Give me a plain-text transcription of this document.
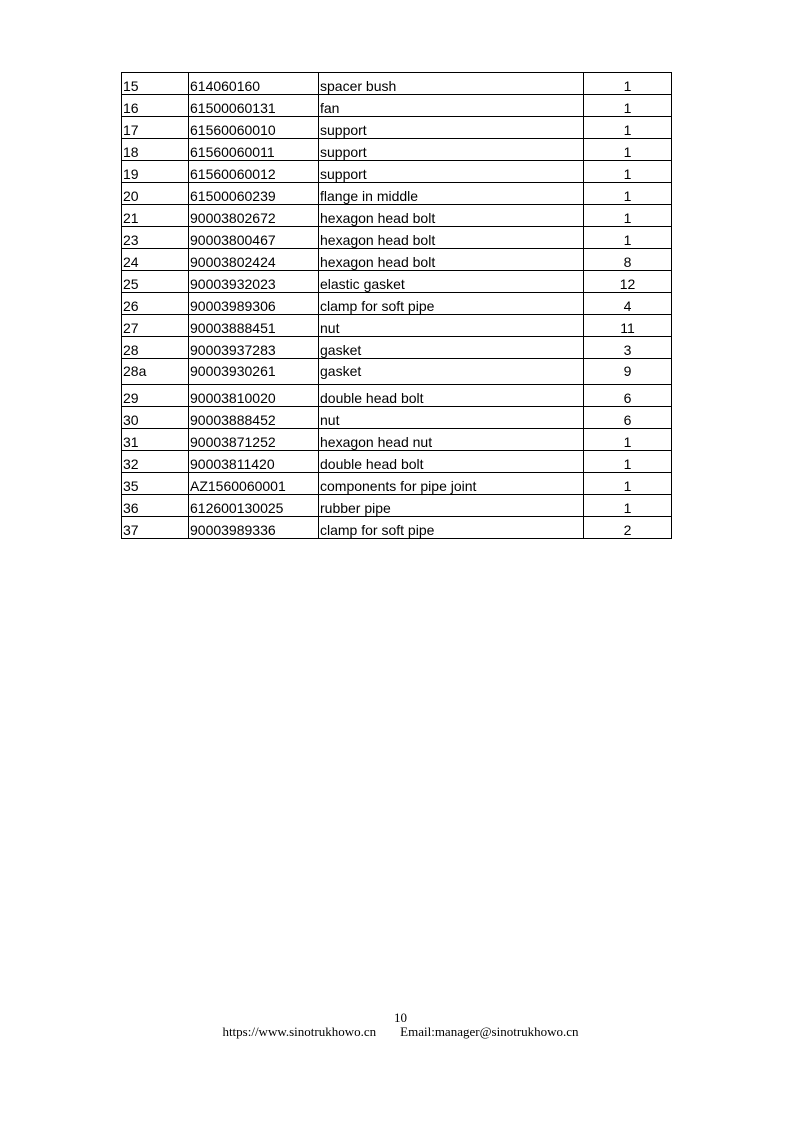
15	614060160	spacer bush	1
16	61500060131	fan	1
17	61560060010	support	1
18	61560060011	support	1
19	61560060012	support	1
20	61500060239	flange in middle	1
21	90003802672	hexagon head bolt	1
23	90003800467	hexagon head bolt	1
24	90003802424	hexagon head bolt	8
25	90003932023	elastic gasket	12
26	90003989306	clamp for soft pipe	4
27	90003888451	nut	11
28	90003937283	gasket	3
28a	90003930261	gasket	9
29	90003810020	double head bolt	6
30	90003888452	nut	6
31	90003871252	hexagon head nut	1
32	90003811420	double head bolt	1
35	AZ1560060001	components for pipe joint	1
36	612600130025	rubber pipe	1
37	90003989336	clamp for soft pipe	2
10
https://www.sinotrukhowo.cn Email:manager@sinotrukhowo.cn
